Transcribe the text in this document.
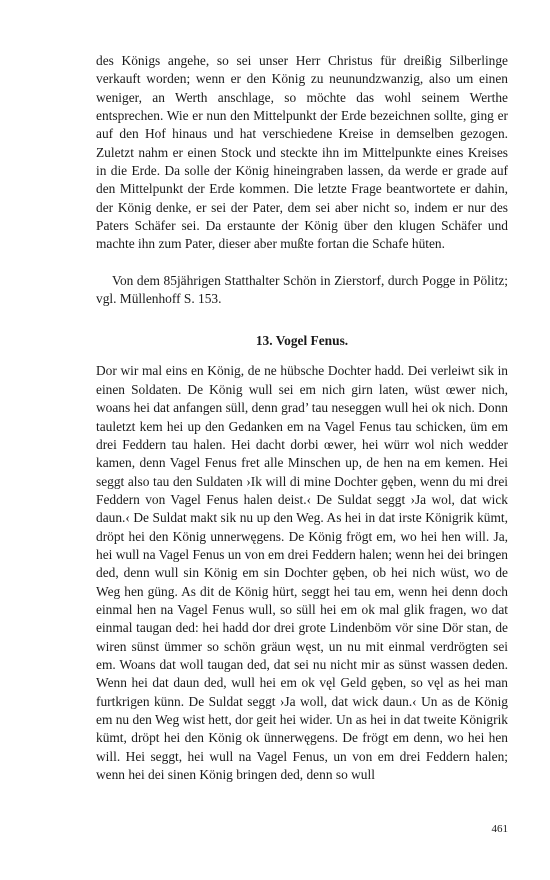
des Königs angehe, so sei unser Herr Christus für dreißig Silberlinge verkauft worden; wenn er den König zu neunundzwanzig, also um einen weniger, an Werth anschlage, so möchte das wohl seinem Werthe entsprechen. Wie er nun den Mittelpunkt der Erde bezeichnen sollte, ging er auf den Hof hinaus und hat verschiedene Kreise in demselben gezogen. Zuletzt nahm er einen Stock und steckte ihn im Mittelpunkte eines Kreises in die Erde. Da solle der König hineingraben lassen, da werde er grade auf den Mittelpunkt der Erde kommen. Die letzte Frage beantwortete er dahin, der König denke, er sei der Pater, dem sei aber nicht so, indem er nur des Paters Schäfer sei. Da erstaunte der König über den klugen Schäfer und machte ihn zum Pater, dieser aber mußte fortan die Schafe hüten.

Von dem 85jährigen Statthalter Schön in Zierstorf, durch Pogge in Pölitz; vgl. Müllenhoff S. 153.

13. Vogel Fenus.

Dor wir mal eins en König, de ne hübsche Dochter hadd. Dei verleiwt sik in einen Soldaten. De König wull sei em nich girn laten, wüst œwer nich, woans hei dat anfangen süll, denn grad’ tau neseggen wull hei ok nich. Donn tauletzt kem hei up den Gedanken em na Vagel Fenus tau schicken, üm em drei Feddern tau halen. Hei dacht dorbi œwer, hei würr wol nich wedder kamen, denn Vagel Fenus fret alle Minschen up, de hen na em kemen. Hei seggt also tau den Suldaten ›Ik will di mine Dochter gęben, wenn du mi drei Feddern von Vagel Fenus halen deist.‹ De Suldat seggt ›Ja wol, dat wick daun.‹ De Suldat makt sik nu up den Weg. As hei in dat irste Königrik kümt, dröpt hei den König unnerwęgens. De König frögt em, wo hei hen will. Ja, hei wull na Vagel Fenus un von em drei Feddern halen; wenn hei dei bringen ded, denn wull sin König em sin Dochter gęben, ob hei nich wüst, wo de Weg hen güng. As dit de König hürt, seggt hei tau em, wenn hei denn doch einmal hen na Vagel Fenus wull, so süll hei em ok mal glik fragen, wo dat einmal taugan ded: hei hadd dor drei grote Lindenböm vör sine Dör stan, de wiren sünst ümmer so schön gräun węst, un nu mit einmal verdrögten sei em. Woans dat woll taugan ded, dat sei nu nicht mir as sünst wassen deden. Wenn hei dat daun ded, wull hei em ok vęl Geld gęben, so vęl as hei man furtkrigen künn. De Suldat seggt ›Ja woll, dat wick daun.‹ Un as de König em nu den Weg wist hett, dor geit hei wider. Un as hei in dat tweite Königrik kümt, dröpt hei den König ok ünnerwęgens. De frögt em denn, wo hei hen will. Hei seggt, hei wull na Vagel Fenus, un von em drei Feddern halen; wenn hei dei sinen König bringen ded, denn so wull

461
